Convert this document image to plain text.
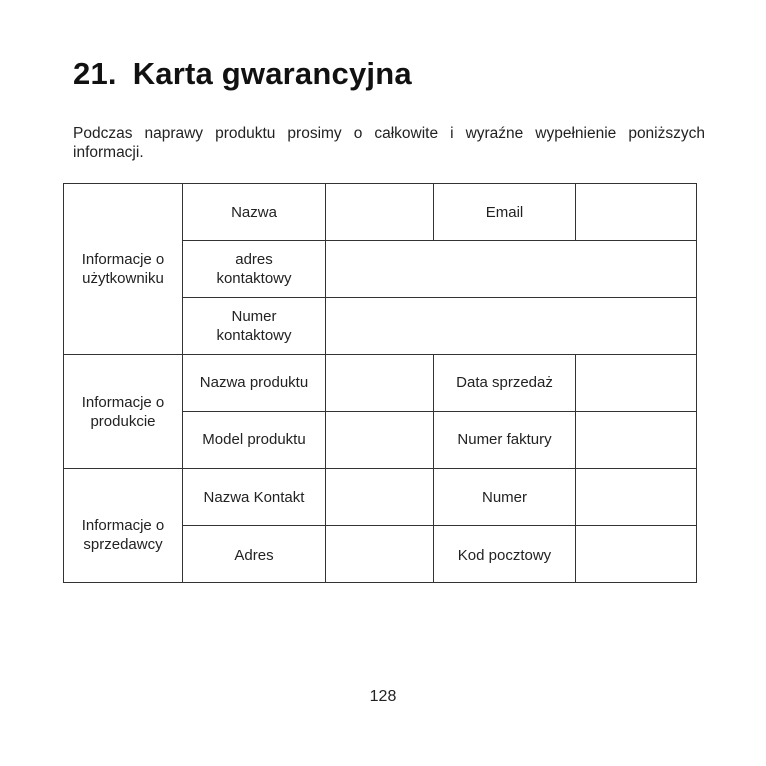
21. Karta gwarancyjna
Podczas naprawy produktu prosimy o całkowite i wyraźne wypełnienie poniższych informacji.
Informacje o użytkowniku	Nazwa		Email	
	adres kontaktowy			
	Numer kontaktowy			
Informacje o produkcie	Nazwa produktu		Data sprzedaż	
	Model produktu		Numer faktury	
Informacje o sprzedawcy	Nazwa Kontakt		Numer	
	Adres		Kod pocztowy	
128
